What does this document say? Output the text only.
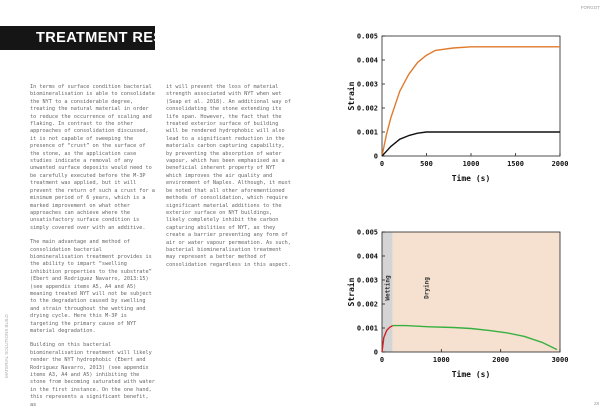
TREATMENT RESULTS
FORGOT
MATERIAL SOLUTIONS BUILD
28

In terms of surface condition bacterial biomineralisation is able to consolidate the NYT to a considerable degree, treating the natural material in order to reduce the occurrence of scaling and flaking. In contrast to the other approaches of consolidation discussed, it is not capable of sweeping the presence of “crust” on the surface of the stone, as the application case studies indicate a removal of any unwanted surface deposits would need to be carefully executed before the M-3P treatment was applied, but it will prevent the return of such a crust for a minimum period of 6 years, which is a marked improvement on what other approaches can achieve where the unsatisfactory surface condition is simply covered over with an additive.

The main advantage and method of consolidation bacterial biomineralisation treatment provides is the ability to impart “swelling inhibition properties to the substrate” (Ebert and Rodriguez Navarro, 2013:15) (see appendix items A5, A4 and A5) meaning treated NYT will not be subject to the degradation caused by swelling and strain throughout the wetting and drying cycle. Here this M-3P is targeting the primary cause of NYT material degradation.

Building on this bacterial biomineralisation treatment will likely render the NYT hydrophobic (Ebert and Rodriguez Navarro, 2013) (see appendix items A3, A4 and A5) inhibiting the stone from becoming saturated with water in the first instance. On the one hand, this represents a significant benefit, as

it will prevent the loss of material strength associated with NYT when wet (Seap et al. 2018). An additional way of consolidating the stone extending its life span. However, the fact that the treated exterior surface of building will be rendered hydrophobic will also lead to a significant reduction in the materials carbon capturing capability, by preventing the absorption of water vapour, which has been emphasised as a beneficial inherent property of NYT which improves the air quality and environment of Naples. Although, it must be noted that all other aforementioned methods of consolidation, which require significant material additions to the exterior surface on NYT buildings, likely completely inhibit the carbon capturing abilities of NYT, as they create a barrier preventing any form of air or water vapour permeation. As such, bacterial biomineralisation treatment may represent a better method of consolidation regardless in this aspect.

0	500	1000	1500	2000
0
0.001
0.002
0.003
0.004
0.005
Time (s)
Strain
Wetting	Drying
0	1000	2000	3000
0
0.001
0.002
0.003
0.004
0.005
Time (s)
Strain
